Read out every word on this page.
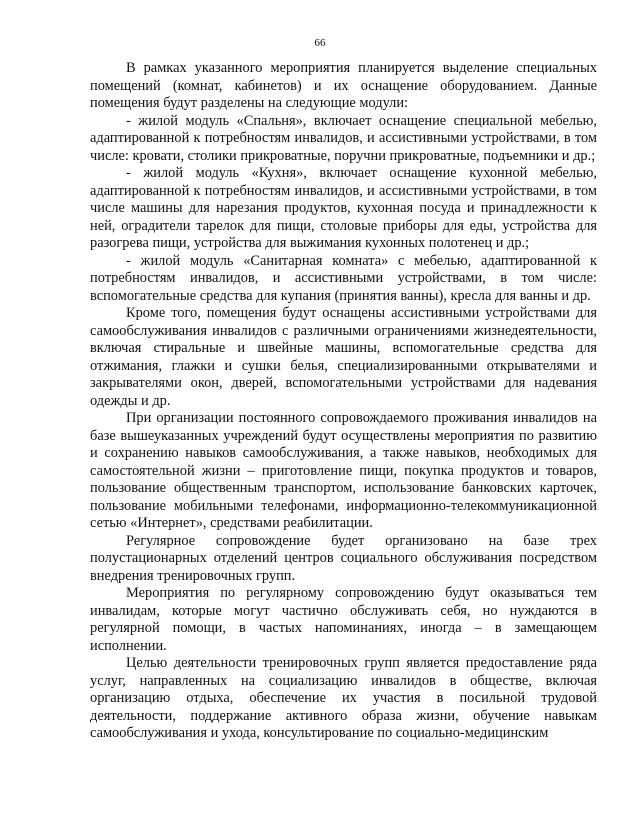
66

В рамках указанного мероприятия планируется выделение специальных помещений (комнат, кабинетов) и их оснащение оборудованием. Данные помещения будут разделены на следующие модули:

- жилой модуль «Спальня», включает оснащение специальной мебелью, адаптированной к потребностям инвалидов, и ассистивными устройствами, в том числе: кровати, столики прикроватные, поручни прикроватные, подъемники и др.;

- жилой модуль «Кухня», включает оснащение кухонной мебелью, адаптированной к потребностям инвалидов, и ассистивными устройствами, в том числе машины для нарезания продуктов, кухонная посуда и принадлежности к ней, оградители тарелок для пищи, столовые приборы для еды, устройства для разогрева пищи, устройства для выжимания кухонных полотенец и др.;

- жилой модуль «Санитарная комната» с мебелью, адаптированной к потребностям инвалидов, и ассистивными устройствами, в том числе: вспомогательные средства для купания (принятия ванны), кресла для ванны и др.

Кроме того, помещения будут оснащены ассистивными устройствами для самообслуживания инвалидов с различными ограничениями жизнедеятельности, включая стиральные и швейные машины, вспомогательные средства для отжимания, глажки и сушки белья, специализированными открывателями и закрывателями окон, дверей, вспомогательными устройствами для надевания одежды и др.

При организации постоянного сопровождаемого проживания инвалидов на базе вышеуказанных учреждений будут осуществлены мероприятия по развитию и сохранению навыков самообслуживания, а также навыков, необходимых для самостоятельной жизни – приготовление пищи, покупка продуктов и товаров, пользование общественным транспортом, использование банковских карточек, пользование мобильными телефонами, информационно-телекоммуникационной сетью «Интернет», средствами реабилитации.

Регулярное сопровождение будет организовано на базе трех полустационарных отделений центров социального обслуживания посредством внедрения тренировочных групп.

Мероприятия по регулярному сопровождению будут оказываться тем инвалидам, которые могут частично обслуживать себя, но нуждаются в регулярной помощи, в частых напоминаниях, иногда – в замещающем исполнении.

Целью деятельности тренировочных групп является предоставление ряда услуг, направленных на социализацию инвалидов в обществе, включая организацию отдыха, обеспечение их участия в посильной трудовой деятельности, поддержание активного образа жизни, обучение навыкам самообслуживания и ухода, консультирование по социально-медицинским
